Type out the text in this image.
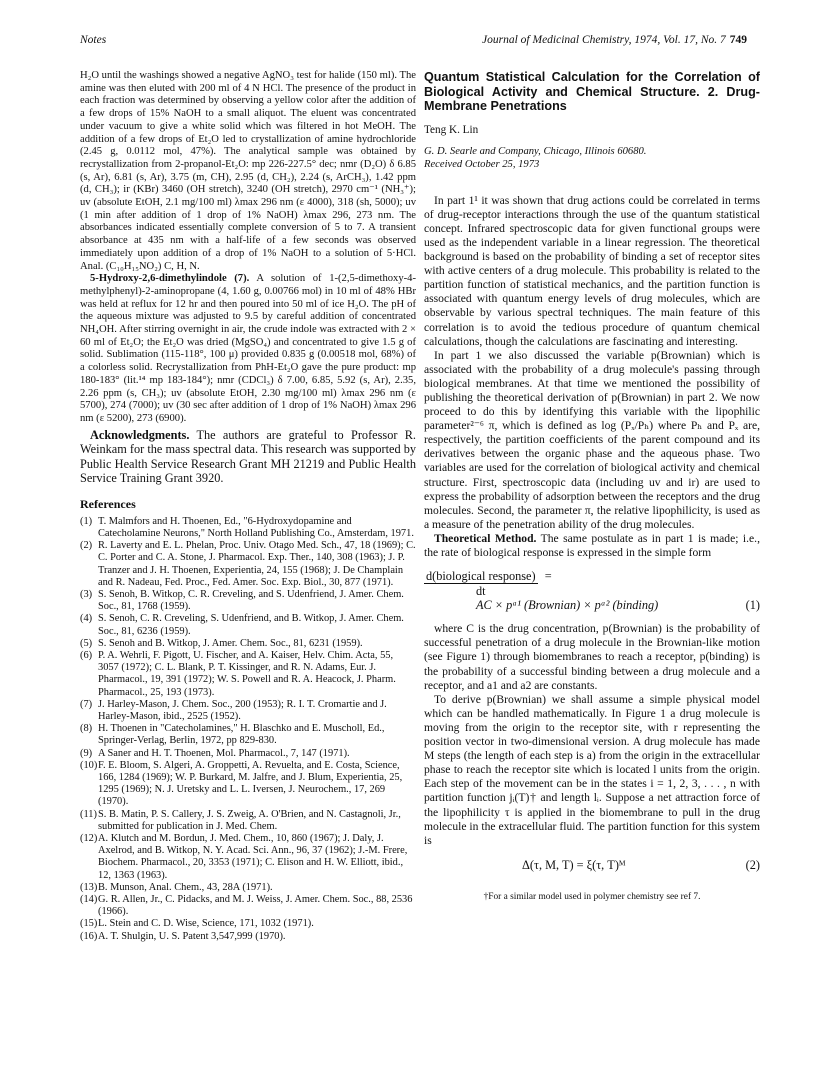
Notes	Journal of Medicinal Chemistry, 1974, Vol. 17, No. 7 749

H₂O until the washings showed a negative AgNO₃ test for halide (150 ml). The amine was then eluted with 200 ml of 4 N HCl. The presence of the product in each fraction was determined by observing a yellow color after the addition of a few drops of 15% NaOH to a small aliquot. The eluent was concentrated under vacuum to give a white solid which was filtered in hot MeOH. The addition of a few drops of Et₂O led to crystallization of amine hydrochloride (2.45 g, 0.0112 mol, 47%). The analytical sample was obtained by recrystallization from 2-propanol-Et₂O: mp 226-227.5° dec; nmr (D₂O) δ 6.85 (s, Ar), 6.81 (s, Ar), 3.75 (m, CH), 2.95 (d, CH₂), 2.24 (s, ArCH₃), 1.42 ppm (d, CH₃); ir (KBr) 3460 (OH stretch), 3240 (OH stretch), 2970 cm⁻¹ (NH₃⁺); uv (absolute EtOH, 2.1 mg/100 ml) λmax 296 nm (ε 4000), 318 (sh, 5000); uv (1 min after addition of 1 drop of 1% NaOH) λmax 296, 273 nm. The absorbances indicated essentially complete conversion of 5 to 7. A transient absorbance at 435 nm with a half-life of a few seconds was observed immediately upon addition of a drop of 1% NaOH to a solution of 5·HCl. Anal. (C₁₀H₁₅NO₂) C, H, N.

5-Hydroxy-2,6-dimethylindole (7). A solution of 1-(2,5-dimethoxy-4-methylphenyl)-2-aminopropane (4, 1.60 g, 0.00766 mol) in 10 ml of 48% HBr was held at reflux for 12 hr and then poured into 50 ml of ice H₂O. The pH of the aqueous mixture was adjusted to 9.5 by careful addition of concentrated NH₄OH. After stirring overnight in air, the crude indole was extracted with 2 × 60 ml of Et₂O; the Et₂O was dried (MgSO₄) and concentrated to give 1.5 g of solid. Sublimation (115-118°, 100 μ) provided 0.835 g (0.00518 mol, 68%) of a colorless solid. Recrystallization from PhH-Et₂O gave the pure product: mp 180-183° (lit.¹⁴ mp 183-184°); nmr (CDCl₃) δ 7.00, 6.85, 5.92 (s, Ar), 2.35, 2.26 ppm (s, CH₃); uv (absolute EtOH, 2.30 mg/100 ml) λmax 296 nm (ε 5700), 274 (7000); uv (30 sec after addition of 1 drop of 1% NaOH) λmax 296 nm (ε 5200), 273 (6900).

Acknowledgments. The authors are grateful to Professor R. Weinkam for the mass spectral data. This research was supported by Public Health Service Research Grant MH 21219 and Public Health Service Training Grant 3920.

References
(1) T. Malmfors and H. Thoenen, Ed., "6-Hydroxydopamine and Catecholamine Neurons," North Holland Publishing Co., Amsterdam, 1971.
(2) R. Laverty and E. L. Phelan, Proc. Univ. Otago Med. Sch., 47, 18 (1969); C. C. Porter and C. A. Stone, J. Pharmacol. Exp. Ther., 140, 308 (1963); J. P. Tranzer and J. H. Thoenen, Experientia, 24, 155 (1968); J. De Champlain and R. Nadeau, Fed. Proc., Fed. Amer. Soc. Exp. Biol., 30, 877 (1971).
(3) S. Senoh, B. Witkop, C. R. Creveling, and S. Udenfriend, J. Amer. Chem. Soc., 81, 1768 (1959).
(4) S. Senoh, C. R. Creveling, S. Udenfriend, and B. Witkop, J. Amer. Chem. Soc., 81, 6236 (1959).
(5) S. Senoh and B. Witkop, J. Amer. Chem. Soc., 81, 6231 (1959).
(6) P. A. Wehrli, F. Pigott, U. Fischer, and A. Kaiser, Helv. Chim. Acta, 55, 3057 (1972); C. L. Blank, P. T. Kissinger, and R. N. Adams, Eur. J. Pharmacol., 19, 391 (1972); W. S. Powell and R. A. Heacock, J. Pharm. Pharmacol., 25, 193 (1973).
(7) J. Harley-Mason, J. Chem. Soc., 200 (1953); R. I. T. Cromartie and J. Harley-Mason, ibid., 2525 (1952).
(8) H. Thoenen in "Catecholamines," H. Blaschko and E. Muscholl, Ed., Springer-Verlag, Berlin, 1972, pp 829-830.
(9) A Saner and H. T. Thoenen, Mol. Pharmacol., 7, 147 (1971).
(10) F. E. Bloom, S. Algeri, A. Groppetti, A. Revuelta, and E. Costa, Science, 166, 1284 (1969); W. P. Burkard, M. Jalfre, and J. Blum, Experientia, 25, 1295 (1969); N. J. Uretsky and L. L. Iversen, J. Neurochem., 17, 269 (1970).
(11) S. B. Matin, P. S. Callery, J. S. Zweig, A. O'Brien, and N. Castagnoli, Jr., submitted for publication in J. Med. Chem.
(12) A. Klutch and M. Bordun, J. Med. Chem., 10, 860 (1967); J. Daly, J. Axelrod, and B. Witkop, N. Y. Acad. Sci. Ann., 96, 37 (1962); J.-M. Frere, Biochem. Pharmacol., 20, 3353 (1971); C. Elison and H. W. Elliott, ibid., 12, 1363 (1963).
(13) B. Munson, Anal. Chem., 43, 28A (1971).
(14) G. R. Allen, Jr., C. Pidacks, and M. J. Weiss, J. Amer. Chem. Soc., 88, 2536 (1966).
(15) L. Stein and C. D. Wise, Science, 171, 1032 (1971).
(16) A. T. Shulgin, U. S. Patent 3,547,999 (1970).
Quantum Statistical Calculation for the Correlation of Biological Activity and Chemical Structure. 2. Drug-Membrane Penetrations
Teng K. Lin
G. D. Searle and Company, Chicago, Illinois 60680.
Received October 25, 1973

In part 1¹ it was shown that drug actions could be correlated in terms of drug-receptor interactions through the use of the quantum statistical concept. Infrared spectroscopic data for given functional groups were used as the independent variable in a linear regression. The theoretical background is based on the probability of binding a set of receptor sites with active centers of a drug molecule. This probability is related to the partition function of statistical mechanics, and the partition function is associated with quantum energy levels of drug molecules, which are observable by various spectral techniques. The main feature of this correlation is to avoid the tedious procedure of quantum chemical calculations, though the calculations are fascinating and interesting.

In part 1 we also discussed the variable p(Brownian) which is associated with the probability of a drug molecule's passing through biological membranes. At that time we mentioned the possibility of publishing the theoretical derivation of p(Brownian) in part 2. We now proceed to do this by identifying this variable with the lipophilic parameter²⁻⁶ π, which is defined as log (Pₓ/Pₕ) where Pₕ and Pₓ are, respectively, the partition coefficients of the parent compound and its derivatives between the organic phase and the aqueous phase. Two variables are used for the correlation of biological activity and chemical structure. First, spectroscopic data (including uv and ir) are used to express the probability of adsorption between the receptors and the drug molecules. Second, the parameter π, the relative lipophilicity, is used as a measure of the penetration ability of the drug molecules.

Theoretical Method. The same postulate as in part 1 is made; i.e., the rate of biological response is expressed in the simple form

$\frac{\text{d(biological response)}}{dt}$ =
AC × pᵃ¹ (Brownian) × pᵃ² (binding)	(1)

where C is the drug concentration, p(Brownian) is the probability of successful penetration of a drug molecule in the Brownian-like motion (see Figure 1) through biomembranes to reach a receptor, p(binding) is the probability of a successful binding between a drug molecule and a receptor, and a1 and a2 are constants.

To derive p(Brownian) we shall assume a simple physical model which can be handled mathematically. In Figure 1 a drug molecule is moving from the origin to the receptor site, with r representing the position vector in two-dimensional version. A drug molecule has made M steps (the length of each step is a) from the origin in the extracellular phase to reach the receptor site which is located l units from the origin. Each step of the movement can be in the states i = 1, 2, 3, . . . , n with partition function jᵢ(T)† and length lᵢ. Suppose a net attraction force of the lipophilicity τ is applied in the biomembrane to pull in the drug molecule in the extracellular fluid. The partition function for this system is

Δ(τ, M, T) = ξ(τ, T)ᴹ	(2)
†For a similar model used in polymer chemistry see ref 7.
